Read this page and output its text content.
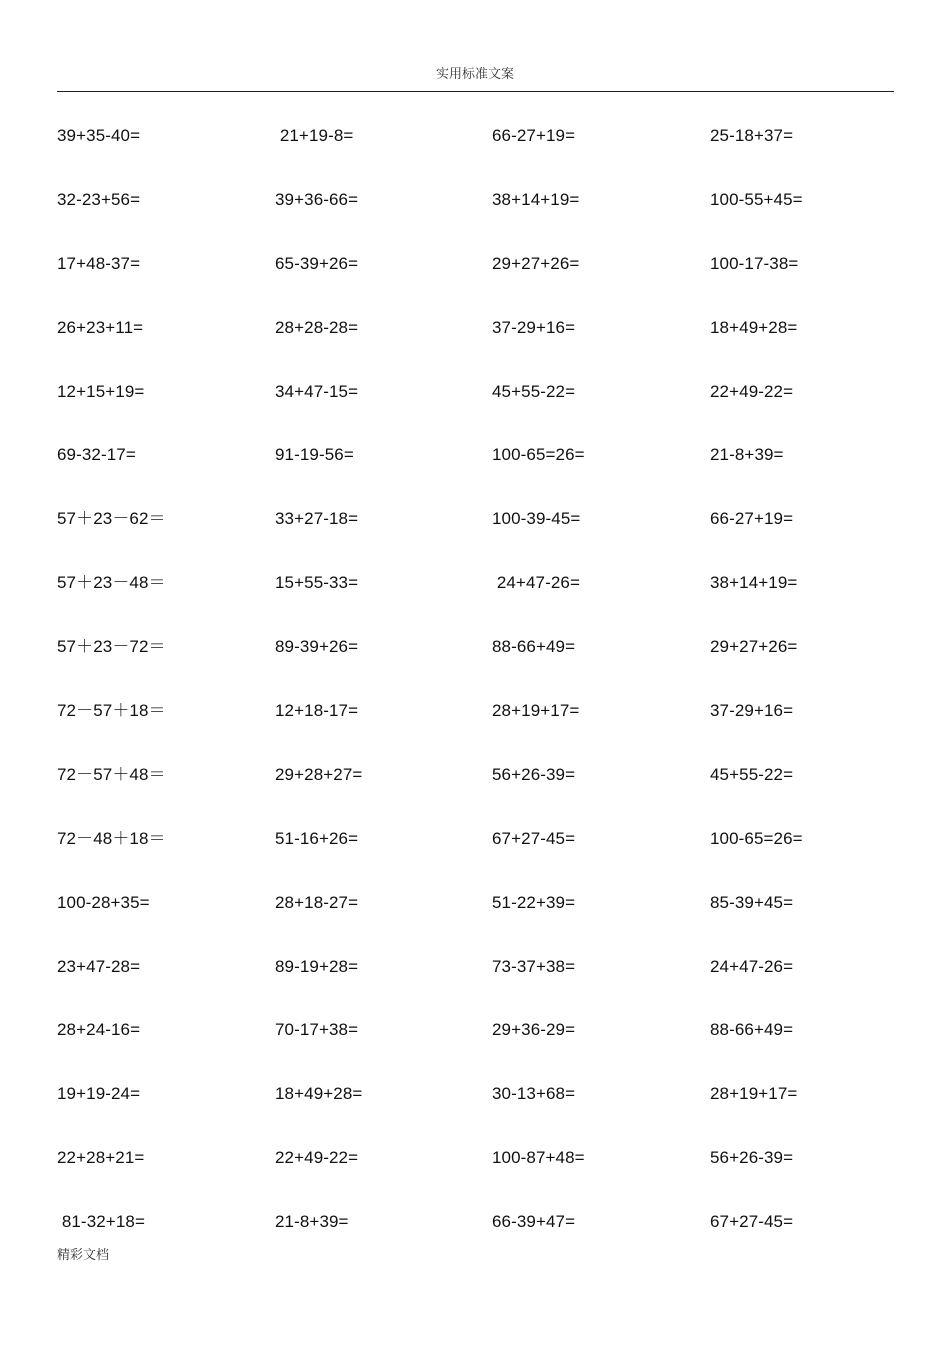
实用标准文案
39+35-40=	21+19-8=	66-27+19=	25-18+37=
32-23+56=	39+36-66=	38+14+19=	100-55+45=
17+48-37=	65-39+26=	29+27+26=	100-17-38=
26+23+11=	28+28-28=	37-29+16=	18+49+28=
12+15+19=	34+47-15=	45+55-22=	22+49-22=
69-32-17=	91-19-56=	100-65=26=	21-8+39=
57＋23－62＝	33+27-18=	100-39-45=	66-27+19=
57＋23－48＝	15+55-33=	24+47-26=	38+14+19=
57＋23－72＝	89-39+26=	88-66+49=	29+27+26=
72－57＋18＝	12+18-17=	28+19+17=	37-29+16=
72－57＋48＝	29+28+27=	56+26-39=	45+55-22=
72－48＋18＝	51-16+26=	67+27-45=	100-65=26=
100-28+35=	28+18-27=	51-22+39=	85-39+45=
23+47-28=	89-19+28=	73-37+38=	24+47-26=
28+24-16=	70-17+38=	29+36-29=	88-66+49=
19+19-24=	18+49+28=	30-13+68=	28+19+17=
22+28+21=	22+49-22=	100-87+48=	56+26-39=
81-32+18=	21-8+39=	66-39+47=	67+27-45=
精彩文档
